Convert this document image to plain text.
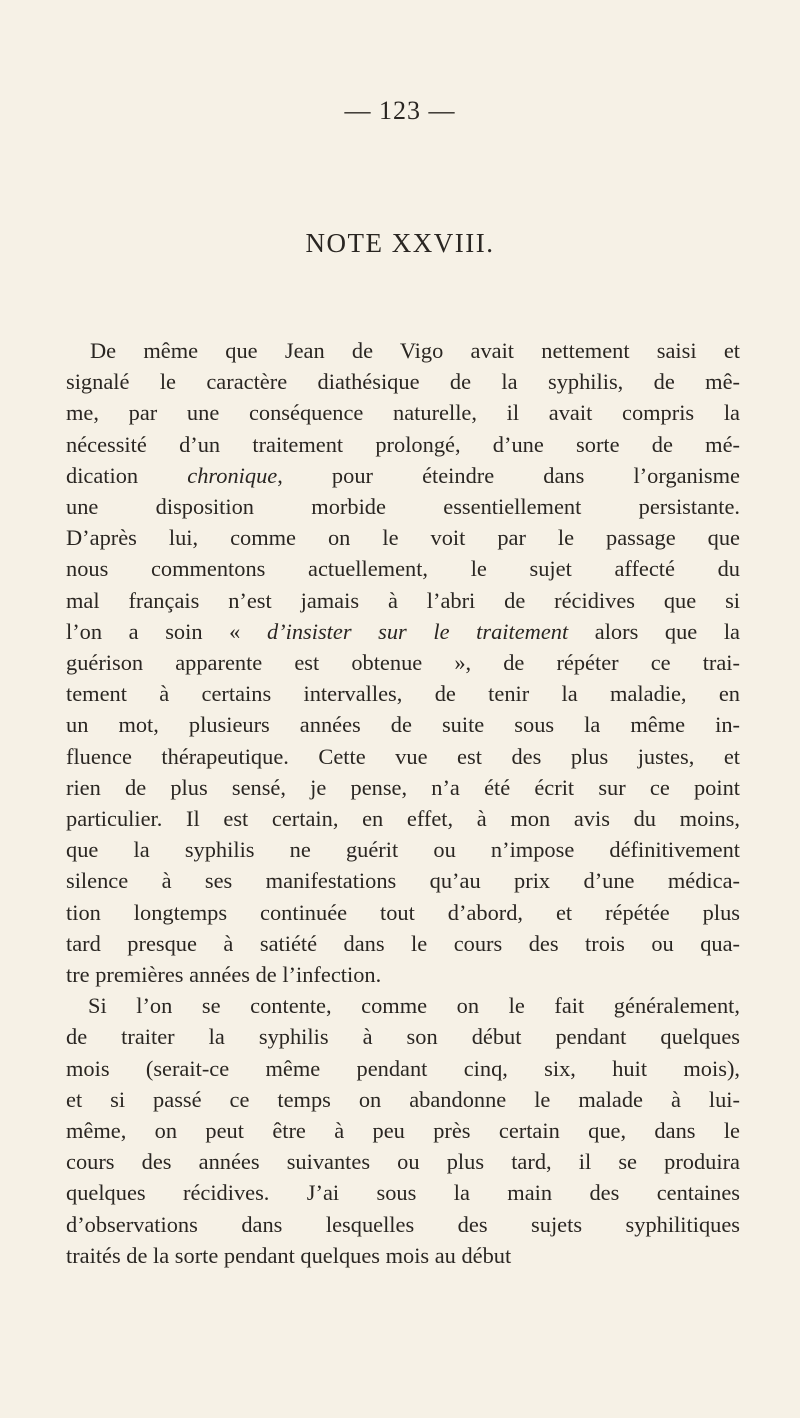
— 123 —

NOTE XXVIII.
De même que Jean de Vigo avait nettement saisi et
signalé le caractère diathésique de la syphilis, de mê-
me, par une conséquence naturelle, il avait compris la
nécessité d’un traitement prolongé, d’une sorte de mé-
dication chronique, pour éteindre dans l’organisme
une disposition morbide essentiellement persistante.
D’après lui, comme on le voit par le passage que
nous commentons actuellement, le sujet affecté du
mal français n’est jamais à l’abri de récidives que si
l’on a soin « d’insister sur le traitement alors que la
guérison apparente est obtenue », de répéter ce trai-
tement à certains intervalles, de tenir la maladie, en
un mot, plusieurs années de suite sous la même in-
fluence thérapeutique. Cette vue est des plus justes, et
rien de plus sensé, je pense, n’a été écrit sur ce point
particulier. Il est certain, en effet, à mon avis du moins,
que la syphilis ne guérit ou n’impose définitivement
silence à ses manifestations qu’au prix d’une médica-
tion longtemps continuée tout d’abord, et répétée plus
tard presque à satiété dans le cours des trois ou qua-
tre premières années de l’infection.
Si l’on se contente, comme on le fait généralement,
de traiter la syphilis à son début pendant quelques
mois (serait-ce même pendant cinq, six, huit mois),
et si passé ce temps on abandonne le malade à lui-
même, on peut être à peu près certain que, dans le
cours des années suivantes ou plus tard, il se produira
quelques récidives. J’ai sous la main des centaines
d’observations dans lesquelles des sujets syphilitiques
traités de la sorte pendant quelques mois au début
